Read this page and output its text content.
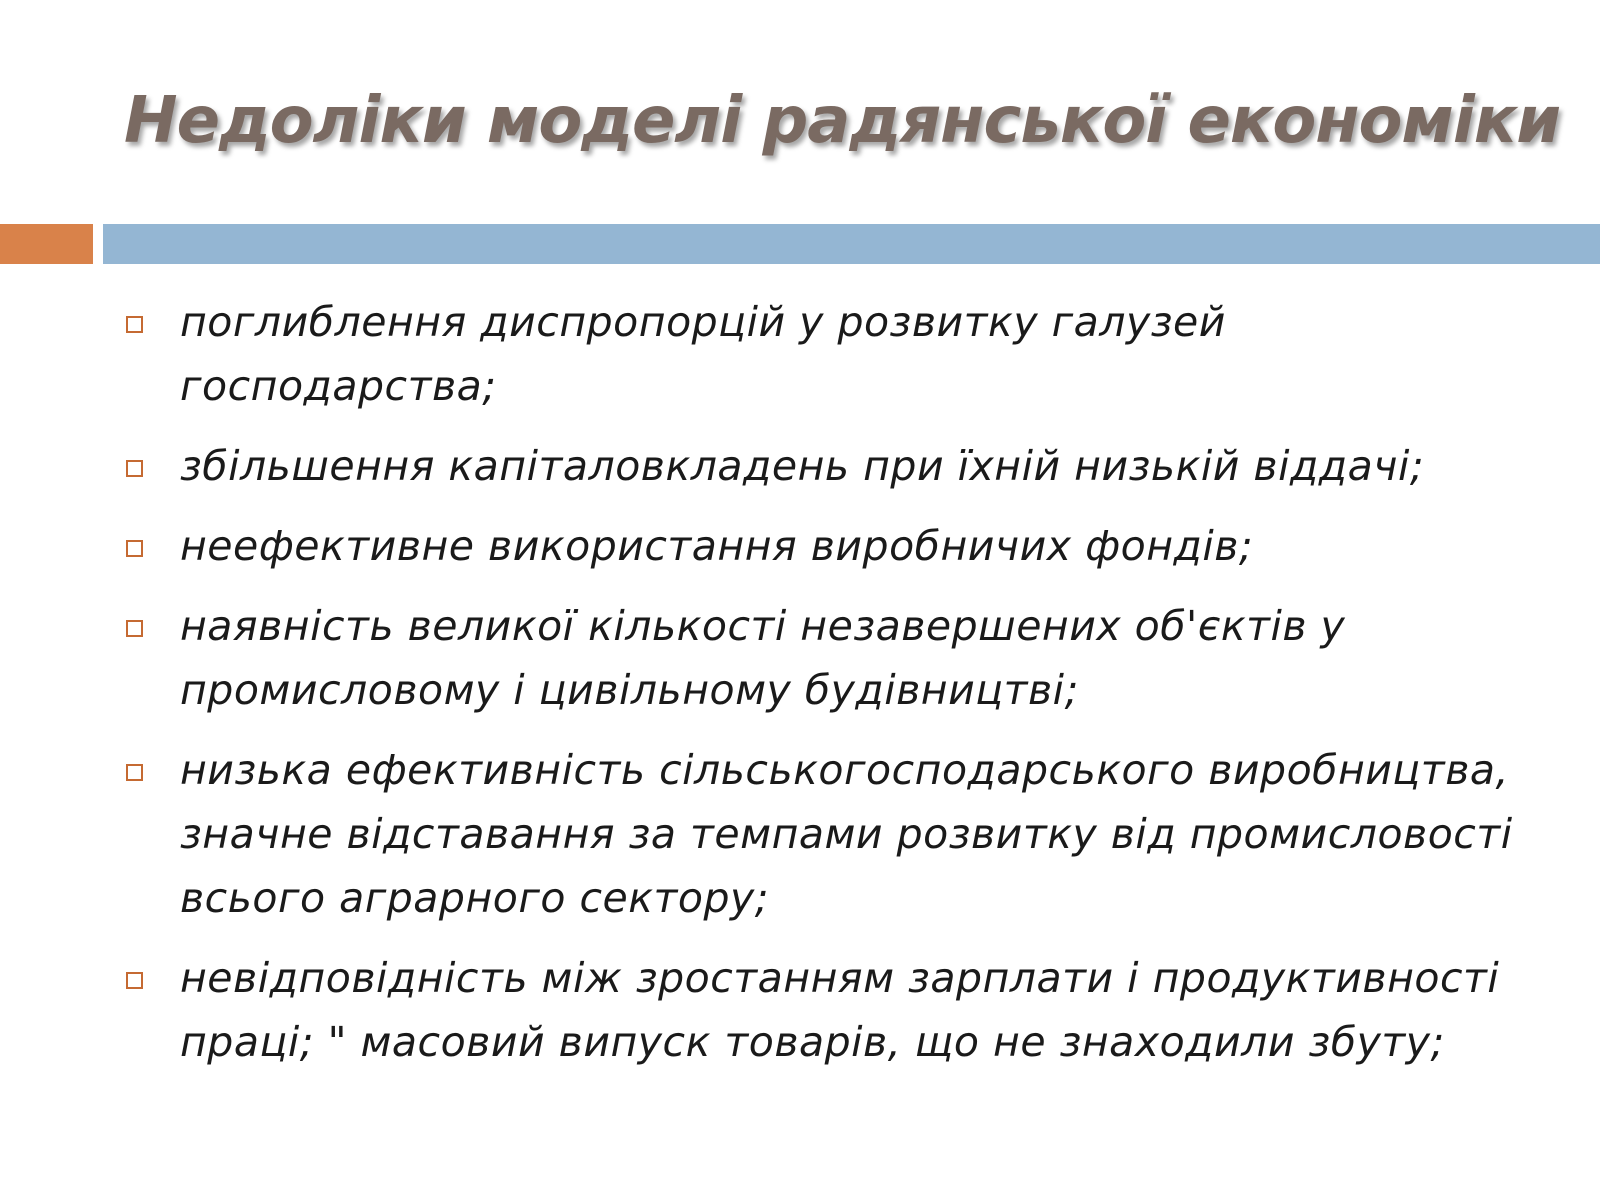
Недоліки моделі радянської економіки
поглиблення диспропорцій у розвитку галузей господарства;
збільшення капіталовкладень при їхній низькій віддачі;
неефективне використання виробничих фондів;
наявність великої кількості незавершених об'єктів у промисловому і цивільному будівництві;
низька ефективність сільськогосподарського виробництва, значне відставання за темпами розвитку від промисловості всього аграрного сектору;
невідповідність між зростанням зарплати і продуктивності праці; " масовий випуск товарів, що не знаходили збуту;
